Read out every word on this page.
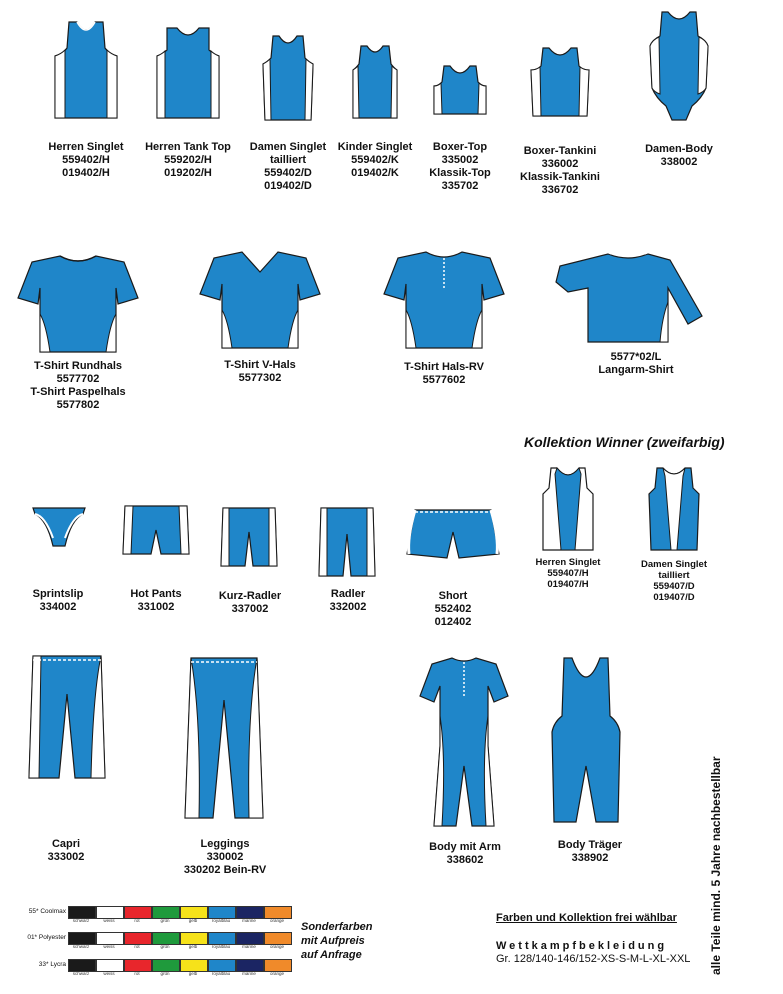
Herren Singlet
559402/H
019402/H
Herren Tank Top
559202/H
019202/H
Damen Singlet
tailliert
559402/D
019402/D
Kinder Singlet
559402/K
019402/K
Boxer-Top
335002
Klassik-Top
335702
Boxer-Tankini
336002
Klassik-Tankini
336702
Damen-Body
338002
T-Shirt Rundhals
5577702
T-Shirt Paspelhals
5577802
T-Shirt V-Hals
5577302
T-Shirt Hals-RV
5577602
5577*02/L
Langarm-Shirt
Kollektion Winner (zweifarbig)
Sprintslip
334002
Hot Pants
331002
Kurz-Radler
337002
Radler
332002
Short
552402
012402
Herren Singlet
559407/H
019407/H
Damen Singlet
tailliert
559407/D
019407/D
Capri
333002
Leggings
330002
330202 Bein-RV
Body mit Arm
338602
Body Träger
338902
55* Coolmax
schwarz	weiss	rot	grün	gelb	royalblau	marine	orange
01* Polyester
schwarz	weiss	rot	grün	gelb	royalblau	marine	orange
33* Lycra
schwarz	weiss	rot	grün	gelb	royalblau	marine	orange
Sonderfarben
mit Aufpreis
auf Anfrage
Farben und Kollektion frei wählbar
Wettkampfbekleidung
Gr. 128/140-146/152-XS-S-M-L-XL-XXL alle Teile mind. 5 Jahre nachbestellbar
